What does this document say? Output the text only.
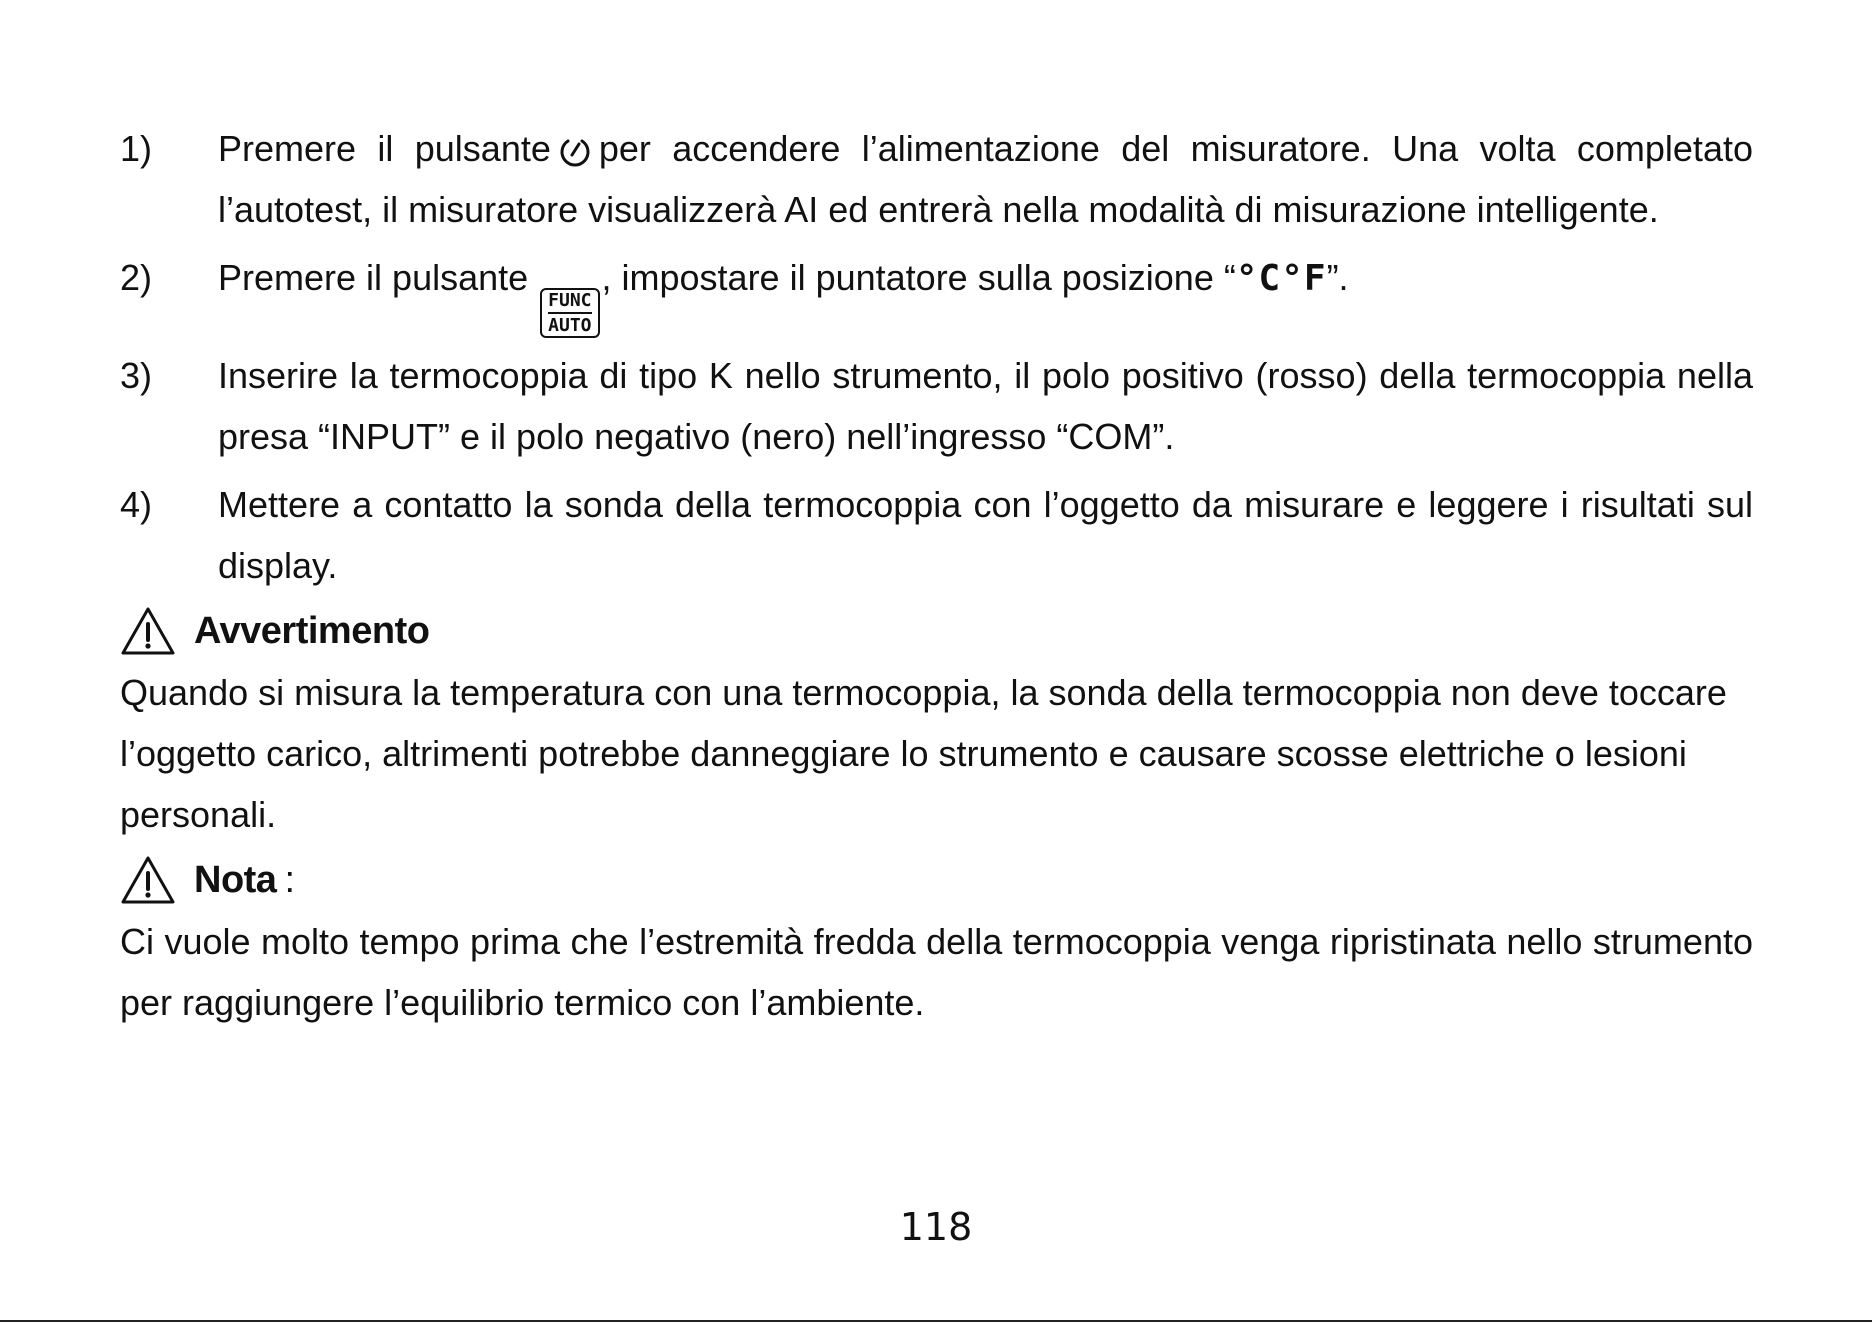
1)	Premere il pulsante per accendere l’alimentazione del misuratore. Una volta completato l’autotest, il misuratore visualizzerà AI ed entrerà nella modalità di misurazione intelligente.
2)	Premere il pulsante
FUNC
AUTO
, impostare il puntatore sulla posizione “°C°F”.
3)	Inserire la termocoppia di tipo K nello strumento, il polo positivo (rosso) della termocoppia nella presa “INPUT” e il polo negativo (nero) nell’ingresso “COM”.
4)	Mettere a contatto la sonda della termocoppia con l’oggetto da misurare e leggere i risultati sul display.
Avvertimento
Quando si misura la temperatura con una termocoppia, la sonda della termocoppia non deve toccare l’oggetto carico, altrimenti potrebbe danneggiare lo strumento e causare scosse elettriche o lesioni personali.
Nota :
Ci vuole molto tempo prima che l’estremità fredda della termocoppia venga ripristinata nello strumento per raggiungere l’equilibrio termico con l’ambiente.
118
